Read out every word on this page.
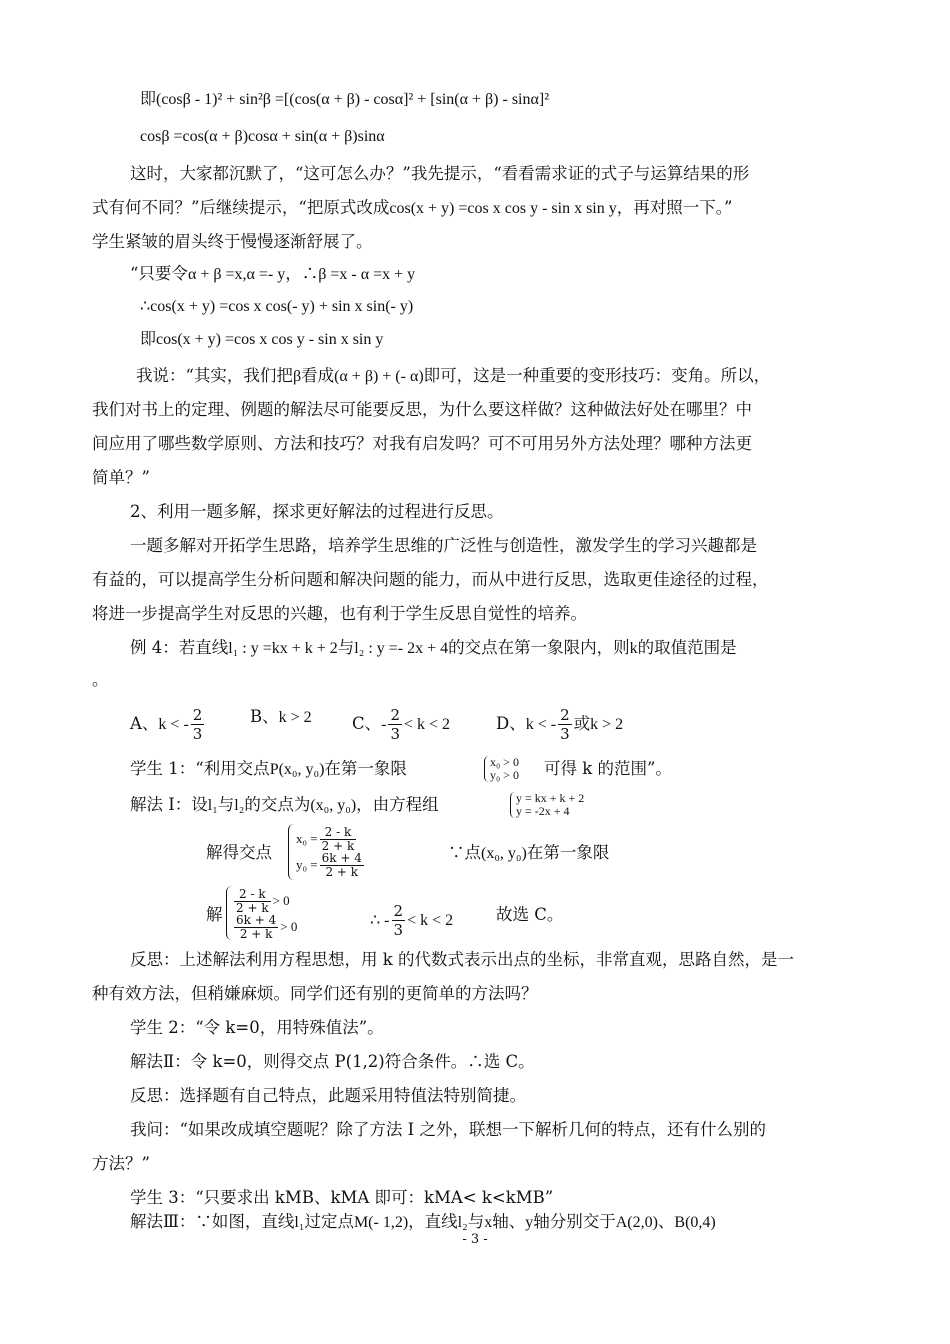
即(cosβ - 1)² + sin²β =[(cos(α + β) - cosα]² + [sin(α + β) - sinα]²
cosβ =cos(α + β)cosα + sin(α + β)sinα
这时，大家都沉默了，“这可怎么办？”我先提示，“看看需求证的式子与运算结果的形
式有何不同？”后继续提示，“把原式改成cos(x + y) =cos x cos y - sin x sin y，再对照一下。”
学生紧皱的眉头终于慢慢逐渐舒展了。
“只要令α + β =x,α =- y，∴β =x - α =x + y
∴cos(x + y) =cos x cos(- y) + sin x sin(- y)
即cos(x + y) =cos x cos y - sin x sin y
我说：“其实，我们把β看成(α + β) + (- α)即可，这是一种重要的变形技巧：变角。所以，
我们对书上的定理、例题的解法尽可能要反思，为什么要这样做？这种做法好处在哪里？中
间应用了哪些数学原则、方法和技巧？对我有启发吗？可不可用另外方法处理？哪种方法更
简单？”
2、利用一题多解，探求更好解法的过程进行反思。
一题多解对开拓学生思路，培养学生思维的广泛性与创造性，激发学生的学习兴趣都是
有益的，可以提高学生分析问题和解决问题的能力，而从中进行反思，选取更佳途径的过程，
将进一步提高学生对反思的兴趣，也有利于学生反思自觉性的培养。
例 4：若直线l₁ : y =kx + k + 2与l₂ : y =- 2x + 4的交点在第一象限内，则k的取值范围是
。
A、k < - $\frac{2}{3}$	B、k > 2 C、- $\frac{2}{3} < k < 2$	D、k < - $\frac{2}{3}$ 或k > 2
学生 1：“利用交点P(x₀, y₀)在第一象限	x₀ > 0
y₀ > 0 可得 k 的范围”。
解法 I：设l₁与l₂的交点为(x₀, y₀)，由方程组	y = kx + k + 2
y = -2x + 4
解得交点
$x_0 = \frac{2 - k}{2 + k}$
$y_0 = \frac{6k + 4}{2 + k}$	∵点(x₀, y₀)在第一象限
解 $\frac{2 - k}{2 + k} > 0$
$\frac{6k + 4}{2 + k} > 0$	∴ - $\frac{2}{3} < k < 2$	故选 C。
反思：上述解法利用方程思想，用 k 的代数式表示出点的坐标，非常直观，思路自然，是一
种有效方法，但稍嫌麻烦。同学们还有别的更简单的方法吗？
学生 2：“令 k=0，用特殊值法”。
解法Ⅱ：令 k=0，则得交点 P(1,2)符合条件。∴选 C。
反思：选择题有自己特点，此题采用特值法特别简捷。
我问：“如果改成填空题呢？除了方法 I 之外，联想一下解析几何的特点，还有什么别的
方法？”
学生 3：“只要求出 kMB、kMA 即可：kMA< k<kMB”
解法Ⅲ：∵如图，直线l₁过定点M(- 1,2)，直线l₂与x轴、y轴分别交于A(2,0)、B(0,4)
- 3 -
